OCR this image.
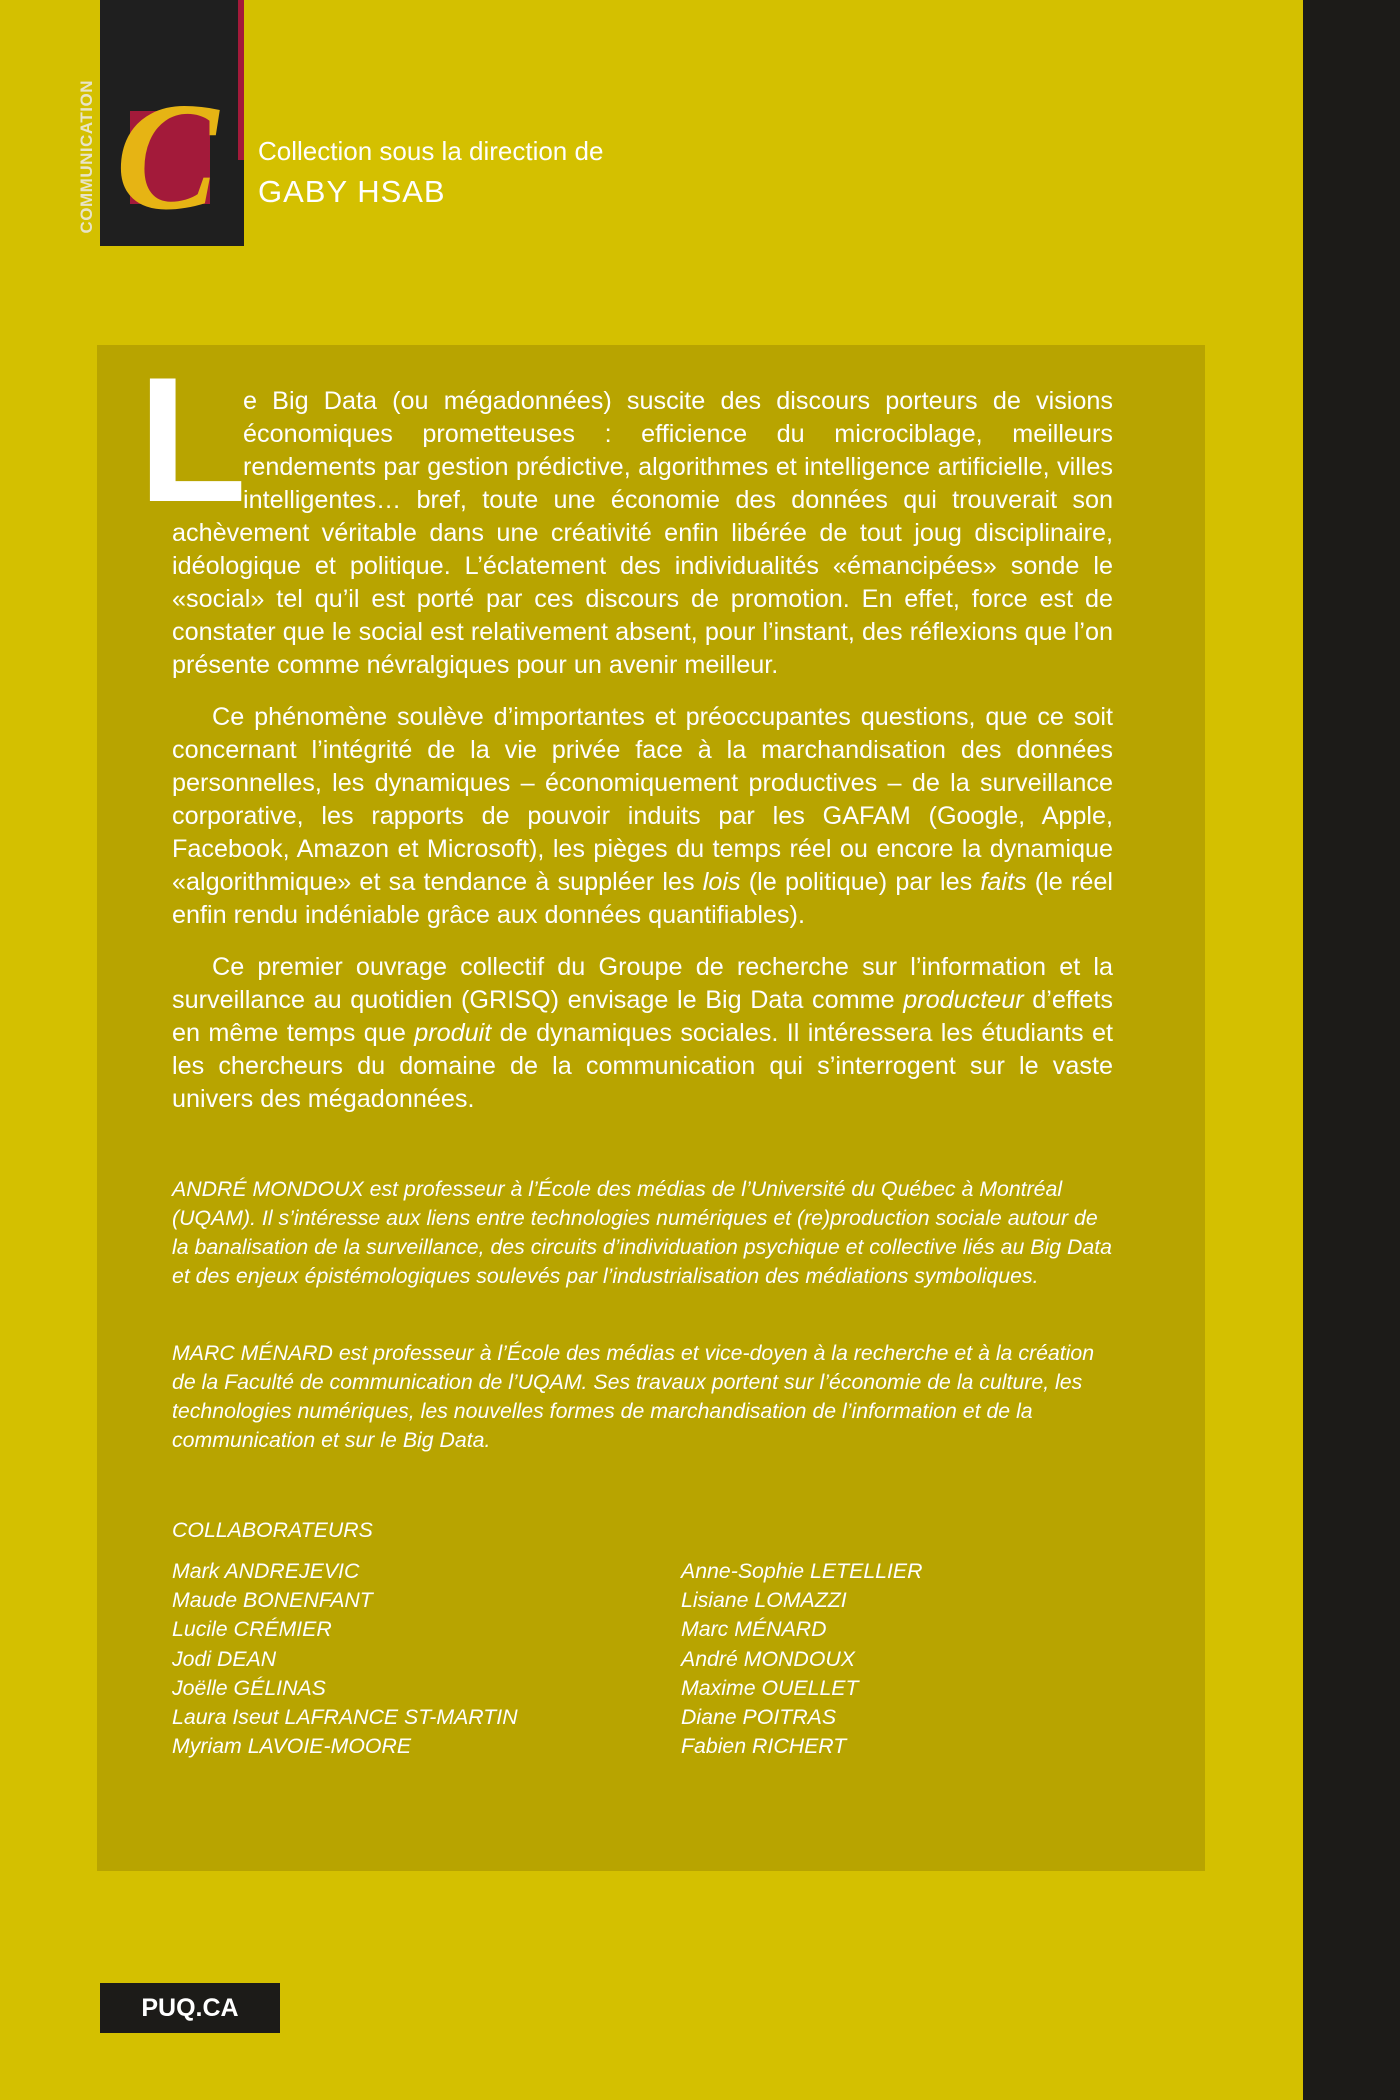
C
COMMUNICATION	Collection sous la direction de
GABY HSAB
L
e Big Data (ou mégadonnées) suscite des discours porteurs de visions économiques prometteuses : efficience du microciblage, meilleurs rendements par gestion prédictive, algorithmes et intelligence artificielle, villes intelligentes… bref, toute une économie des données qui trouverait son
achèvement véritable dans une créativité enfin libérée de tout joug disciplinaire, idéologique et politique. L’éclatement des individualités «émancipées» sonde le «social» tel qu’il est porté par ces discours de promotion. En effet, force est de constater que le social est relativement absent, pour l’instant, des réflexions que l’on présente comme névralgiques pour un avenir meilleur.
Ce phénomène soulève d’importantes et préoccupantes questions, que ce soit concernant l’intégrité de la vie privée face à la marchandisation des données personnelles, les dynamiques – économiquement productives – de la surveillance corporative, les rapports de pouvoir induits par les GAFAM (Google, Apple, Facebook, Amazon et Microsoft), les pièges du temps réel ou encore la dynamique «algorithmique» et sa tendance à suppléer les lois (le politique) par les faits (le réel enfin rendu indéniable grâce aux données quantifiables).
Ce premier ouvrage collectif du Groupe de recherche sur l’information et la surveillance au quotidien (GRISQ) envisage le Big Data comme producteur d’effets en même temps que produit de dynamiques sociales. Il intéressera les étudiants et les chercheurs du domaine de la communication qui s’interrogent sur le vaste univers des mégadonnées.
ANDRÉ MONDOUX est professeur à l’École des médias de l’Université du Québec à Montréal (UQAM). Il s’intéresse aux liens entre technologies numériques et (re)production sociale autour de la banalisation de la surveillance, des circuits d’individuation psychique et collective liés au Big Data et des enjeux épistémologiques soulevés par l’industrialisation des médiations symboliques.
MARC MÉNARD est professeur à l’École des médias et vice-doyen à la recherche et à la création de la Faculté de communication de l’UQAM. Ses travaux portent sur l’économie de la culture, les technologies numériques, les nouvelles formes de marchandisation de l’information et de la communication et sur le Big Data.
COLLABORATEURS
Mark ANDREJEVIC
Maude BONENFANT
Lucile CRÉMIER
Jodi DEAN
Joëlle GÉLINAS
Laura Iseut LAFRANCE ST-MARTIN
Myriam LAVOIE-MOORE
Anne-Sophie LETELLIER
Lisiane LOMAZZI
Marc MÉNARD
André MONDOUX
Maxime OUELLET
Diane POITRAS
Fabien RICHERT
PUQ.CA
